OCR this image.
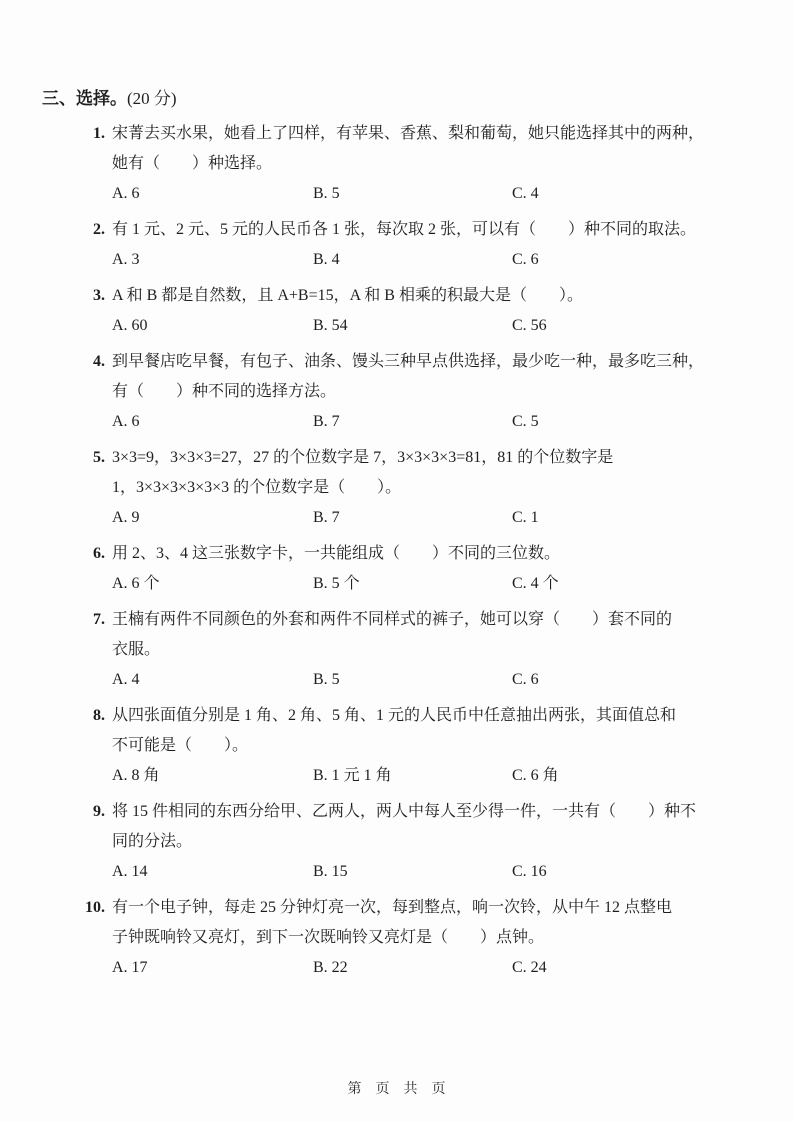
三、选择。(20 分)
1. 宋菁去买水果，她看上了四样，有苹果、香蕉、梨和葡萄，她只能选择其中的两种，
她有（　　）种选择。
A. 6	B. 5	C. 4
2. 有 1 元、2 元、5 元的人民币各 1 张，每次取 2 张，可以有（　　）种不同的取法。
A. 3	B. 4	C. 6
3. A 和 B 都是自然数，且 A+B=15，A 和 B 相乘的积最大是（　　）。
A. 60	B. 54	C. 56
4. 到早餐店吃早餐，有包子、油条、馒头三种早点供选择，最少吃一种，最多吃三种，
有（　　）种不同的选择方法。
A. 6	B. 7	C. 5
5. 3×3=9，3×3×3=27，27 的个位数字是 7，3×3×3×3=81，81 的个位数字是
1，3×3×3×3×3×3 的个位数字是（　　）。
A. 9	B. 7	C. 1
6. 用 2、3、4 这三张数字卡，一共能组成（　　）不同的三位数。
A. 6 个	B. 5 个	C. 4 个
7. 王楠有两件不同颜色的外套和两件不同样式的裤子，她可以穿（　　）套不同的
衣服。
A. 4	B. 5	C. 6
8. 从四张面值分别是 1 角、2 角、5 角、1 元的人民币中任意抽出两张，其面值总和
不可能是（　　）。
A. 8 角	B. 1 元 1 角	C. 6 角
9. 将 15 件相同的东西分给甲、乙两人，两人中每人至少得一件，一共有（　　）种不
同的分法。
A. 14	B. 15	C. 16
10. 有一个电子钟，每走 25 分钟灯亮一次，每到整点，响一次铃，从中午 12 点整电
子钟既响铃又亮灯，到下一次既响铃又亮灯是（　　）点钟。
A. 17	B. 22	C. 24
第　页　共　页
